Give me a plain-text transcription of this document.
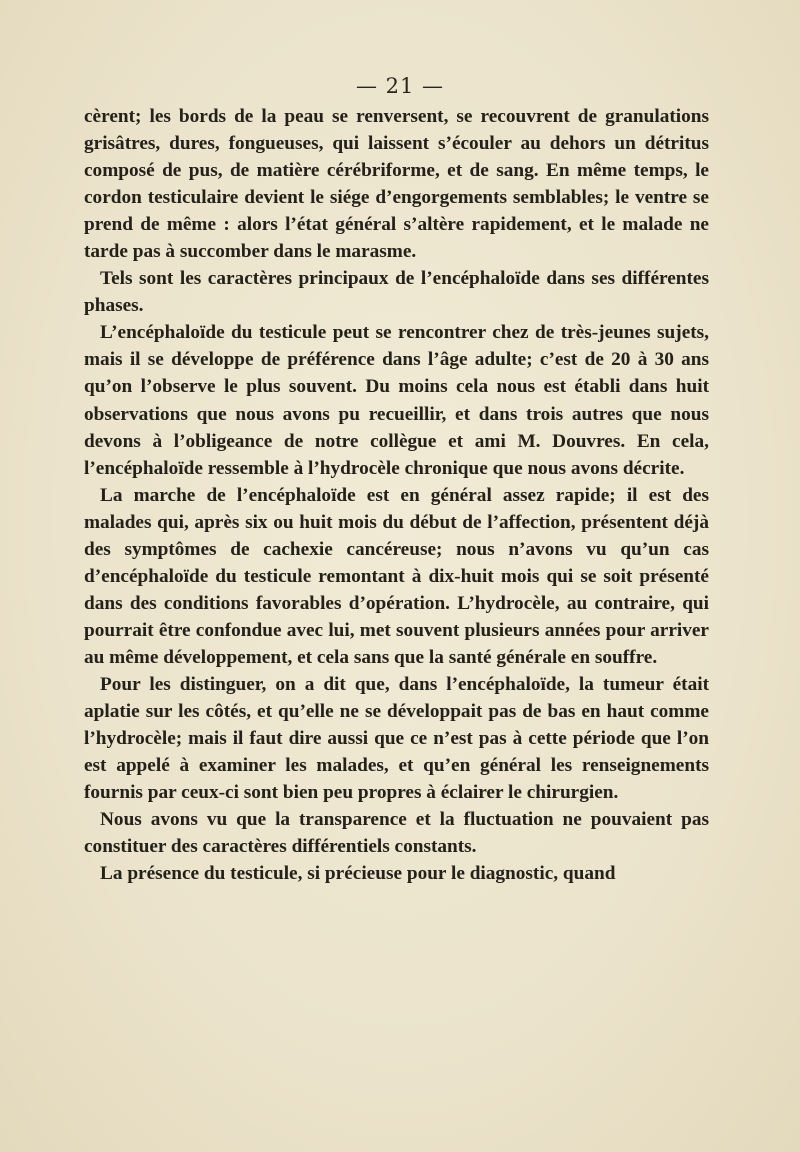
— 21 —

cèrent; les bords de la peau se renversent, se recouvrent de granulations grisâtres, dures, fongueuses, qui laissent s’écouler au dehors un détritus composé de pus, de matière cérébriforme, et de sang. En même temps, le cordon testiculaire devient le siége d’engorgements semblables; le ventre se prend de même : alors l’état général s’altère rapidement, et le malade ne tarde pas à succomber dans le marasme.

Tels sont les caractères principaux de l’encéphaloïde dans ses différentes phases.

L’encéphaloïde du testicule peut se rencontrer chez de très-jeunes sujets, mais il se développe de préférence dans l’âge adulte; c’est de 20 à 30 ans qu’on l’observe le plus souvent. Du moins cela nous est établi dans huit observations que nous avons pu recueillir, et dans trois autres que nous devons à l’obligeance de notre collègue et ami M. Douvres. En cela, l’encéphaloïde ressemble à l’hydrocèle chronique que nous avons décrite.

La marche de l’encéphaloïde est en général assez rapide; il est des malades qui, après six ou huit mois du début de l’affection, présentent déjà des symptômes de cachexie cancéreuse; nous n’avons vu qu’un cas d’encéphaloïde du testicule remontant à dix-huit mois qui se soit présenté dans des conditions favorables d’opération. L’hydrocèle, au contraire, qui pourrait être confondue avec lui, met souvent plusieurs années pour arriver au même développement, et cela sans que la santé générale en souffre.

Pour les distinguer, on a dit que, dans l’encéphaloïde, la tumeur était aplatie sur les côtés, et qu’elle ne se développait pas de bas en haut comme l’hydrocèle; mais il faut dire aussi que ce n’est pas à cette période que l’on est appelé à examiner les malades, et qu’en général les renseignements fournis par ceux-ci sont bien peu propres à éclairer le chirurgien.

Nous avons vu que la transparence et la fluctuation ne pouvaient pas constituer des caractères différentiels constants.

La présence du testicule, si précieuse pour le diagnostic, quand
